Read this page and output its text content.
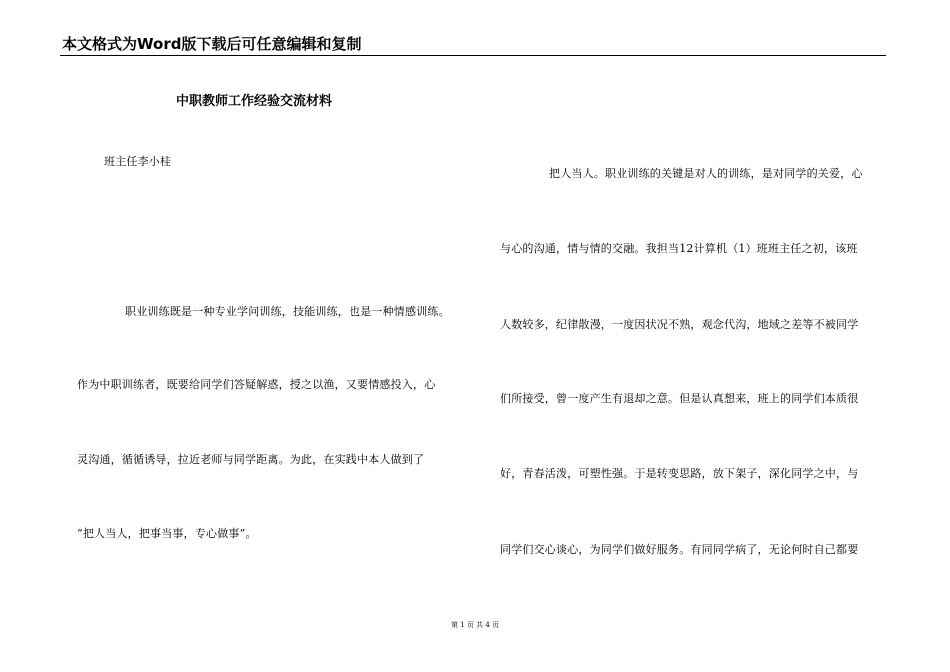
本文格式为Word版下载后可任意编辑和复制
中职教师工作经验交流材料
班主任李小桂
职业训练既是一种专业学问训练，技能训练，也是一种情感训练。
作为中职训练者，既要给同学们答疑解惑，授之以渔，又要情感投入，心
灵沟通，循循诱导，拉近老师与同学距离。为此，在实践中本人做到了
“把人当人，把事当事，专心做事”。
把人当人。职业训练的关键是对人的训练，是对同学的关爱，心
与心的沟通，情与情的交融。我担当12计算机（1）班班主任之初，该班
人数较多，纪律散漫，一度因状况不熟，观念代沟，地域之差等不被同学
们所接受，曾一度产生有退却之意。但是认真想来，班上的同学们本质很
好，青春活泼，可塑性强。于是转变思路，放下架子，深化同学之中，与
同学们交心谈心，为同学们做好服务。有同同学病了，无论何时自己都要
第 1 页 共 4 页
